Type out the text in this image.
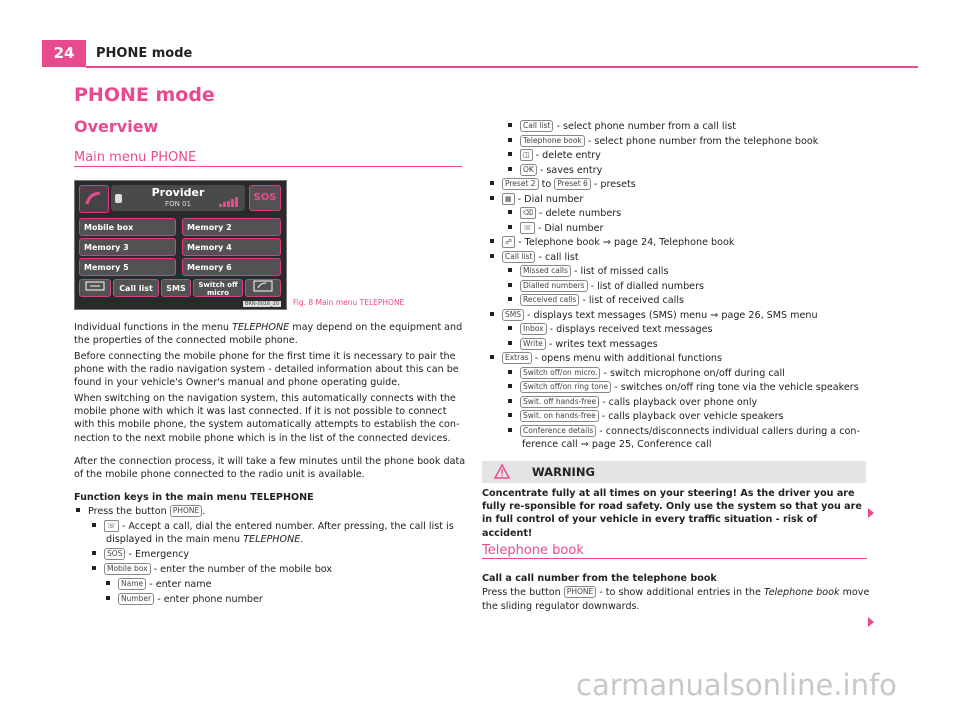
24	PHONE mode
PHONE mode
Overview
Main menu PHONE
Provider
FON 01
SOS
Mobile box	Memory 2
Memory 3	Memory 4
Memory 5	Memory 6
Call list	SMS	Switch off micro
BRN-0016_20 Fig. 8 Main menu TELEPHONE

Individual functions in the menu TELEPHONE may depend on the equipment and the properties of the connected mobile phone.

Before connecting the mobile phone for the first time it is necessary to pair the phone with the radio navigation system - detailed information about this can be found in your vehicle's Owner's manual and phone operating guide.

When switching on the navigation system, this automatically connects with the mobile phone with which it was last connected. If it is not possible to connect with this mobile phone, the system automatically attempts to establish the con-nection to the next mobile phone which is in the list of the connected devices.

After the connection process, it will take a few minutes until the phone book data of the mobile phone connected to the radio unit is available.

Function keys in the main menu TELEPHONE

Press the button PHONE .
☏ - Accept a call, dial the entered number. After pressing, the call list is
displayed in the main menu TELEPHONE.
SOS - Emergency
Mobile box - enter the number of the mobile box
Name - enter name
Number - enter phone number
Call list - select phone number from a call list
Telephone book - select phone number from the telephone book
◫ - delete entry
OK - saves entry
Preset 2 to Preset 6 - presets
▦ - Dial number
⌫ - delete numbers
☏ - Dial number
☍ - Telephone book ⇒ page 24, Telephone book
Call list - call list
Missed calls - list of missed calls
Dialled numbers - list of dialled numbers
Received calls - list of received calls
SMS - displays text messages (SMS) menu ⇒ page 26, SMS menu
Inbox - displays received text messages
Write - writes text messages
Extras - opens menu with additional functions
Switch off/on micro. - switch microphone on/off during call
Switch off/on ring tone - switches on/off ring tone via the vehicle speakers
Swit. off hands-free - calls playback over phone only
Swit. on hands-free - calls playback over vehicle speakers
Conference details - connects/disconnects individual callers during a con-
ference call ⇒ page 25, Conference call
WARNING

Concentrate fully at all times on your steering! As the driver you are fully re-sponsible for road safety. Only use the system so that you are in full control of your vehicle in every traffic situation - risk of accident!

Telephone book

Call a call number from the telephone book

Press the button PHONE - to show additional entries in the Telephone book move
the sliding regulator downwards.
carmanualsonline.info
